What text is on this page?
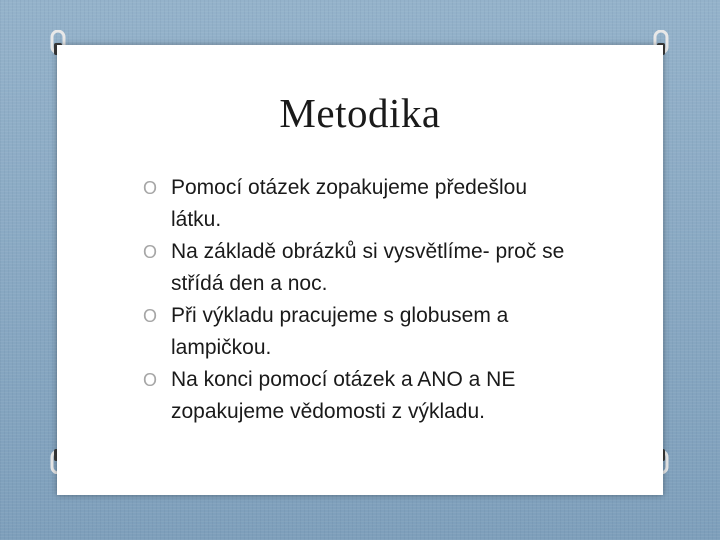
Metodika
O Pomocí otázek zopakujeme předešlou látku.
O Na základě obrázků si vysvětlíme- proč se střídá den a noc.
O Při výkladu pracujeme s globusem a lampičkou.
O Na konci pomocí otázek a ANO a NE zopakujeme vědomosti z výkladu.
